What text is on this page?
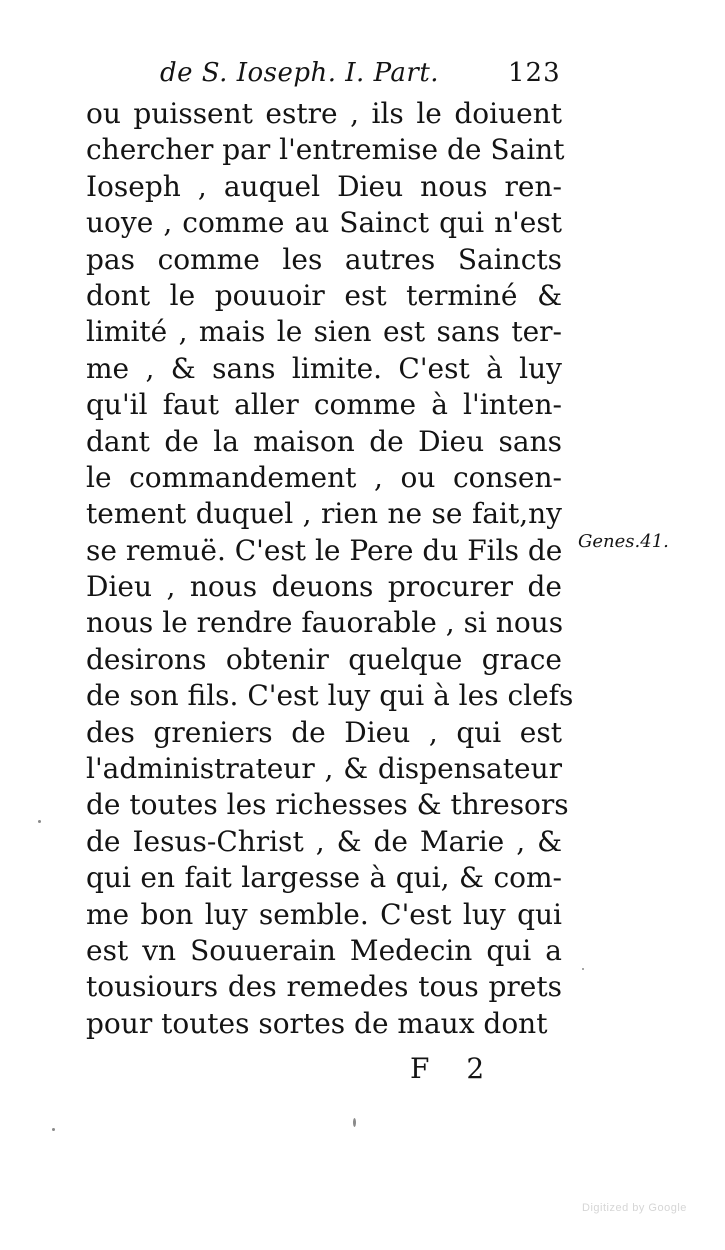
de S. Ioseph. I. Part.	123
ou puissent estre , ils le doiuent
chercher par l'entremise de Saint
Ioseph , auquel Dieu nous ren-
uoye , comme au Sainct qui n'est
pas comme les autres Saincts
dont le pouuoir est terminé &
limité , mais le sien est sans ter-
me , & sans limite. C'est à luy
qu'il faut aller comme à l'inten-
dant de la maison de Dieu sans
le commandement , ou consen-
tement duquel , rien ne se fait,ny
se remuë. C'est le Pere du Fils de
Dieu , nous deuons procurer de
nous le rendre fauorable , si nous
desirons obtenir quelque grace
de son fils. C'est luy qui à les clefs
des greniers de Dieu , qui est
l'administrateur , & dispensateur
de toutes les richesses & thresors
de Iesus-Christ , & de Marie , &
qui en fait largesse à qui, & com-
me bon luy semble. C'est luy qui
est vn Souuerain Medecin qui a
tousiours des remedes tous prets
pour toutes sortes de maux dont
Genes.41.
F 2
Digitized by Google
